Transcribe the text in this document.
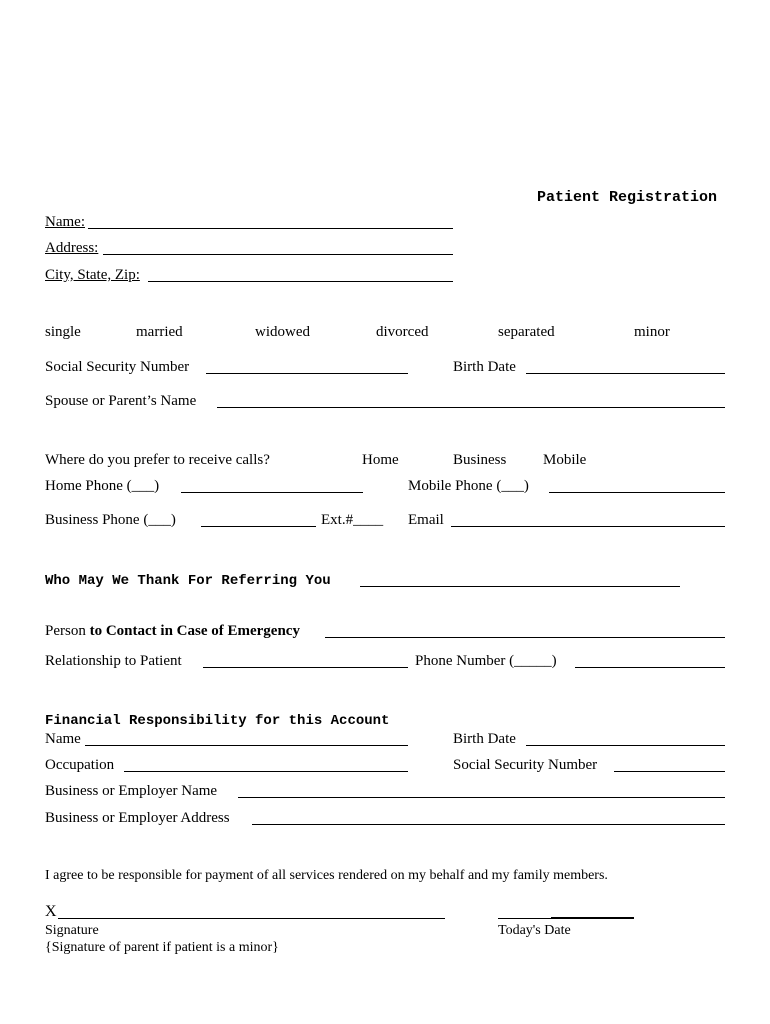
Patient Registration
Name:
Address:
City, State, Zip:
single	married	widowed	divorced	separated	minor
Social Security Number	Birth Date
Spouse or Parent’s Name
Where do you prefer to receive calls?	Home	Business Mobile
Home Phone (___)	Mobile Phone (___)
Business Phone (___)	Ext.#____ Email
Who May We Thank For Referring You
Person to Contact in Case of Emergency
Relationship to Patient	Phone Number (_____)
Financial Responsibility for this Account
Name	Birth Date
Occupation	Social Security Number
Business or Employer Name
Business or Employer Address
I agree to be responsible for payment of all services rendered on my behalf and my family members.
X
Signature
{Signature of parent if patient is a minor}
Today's Date
